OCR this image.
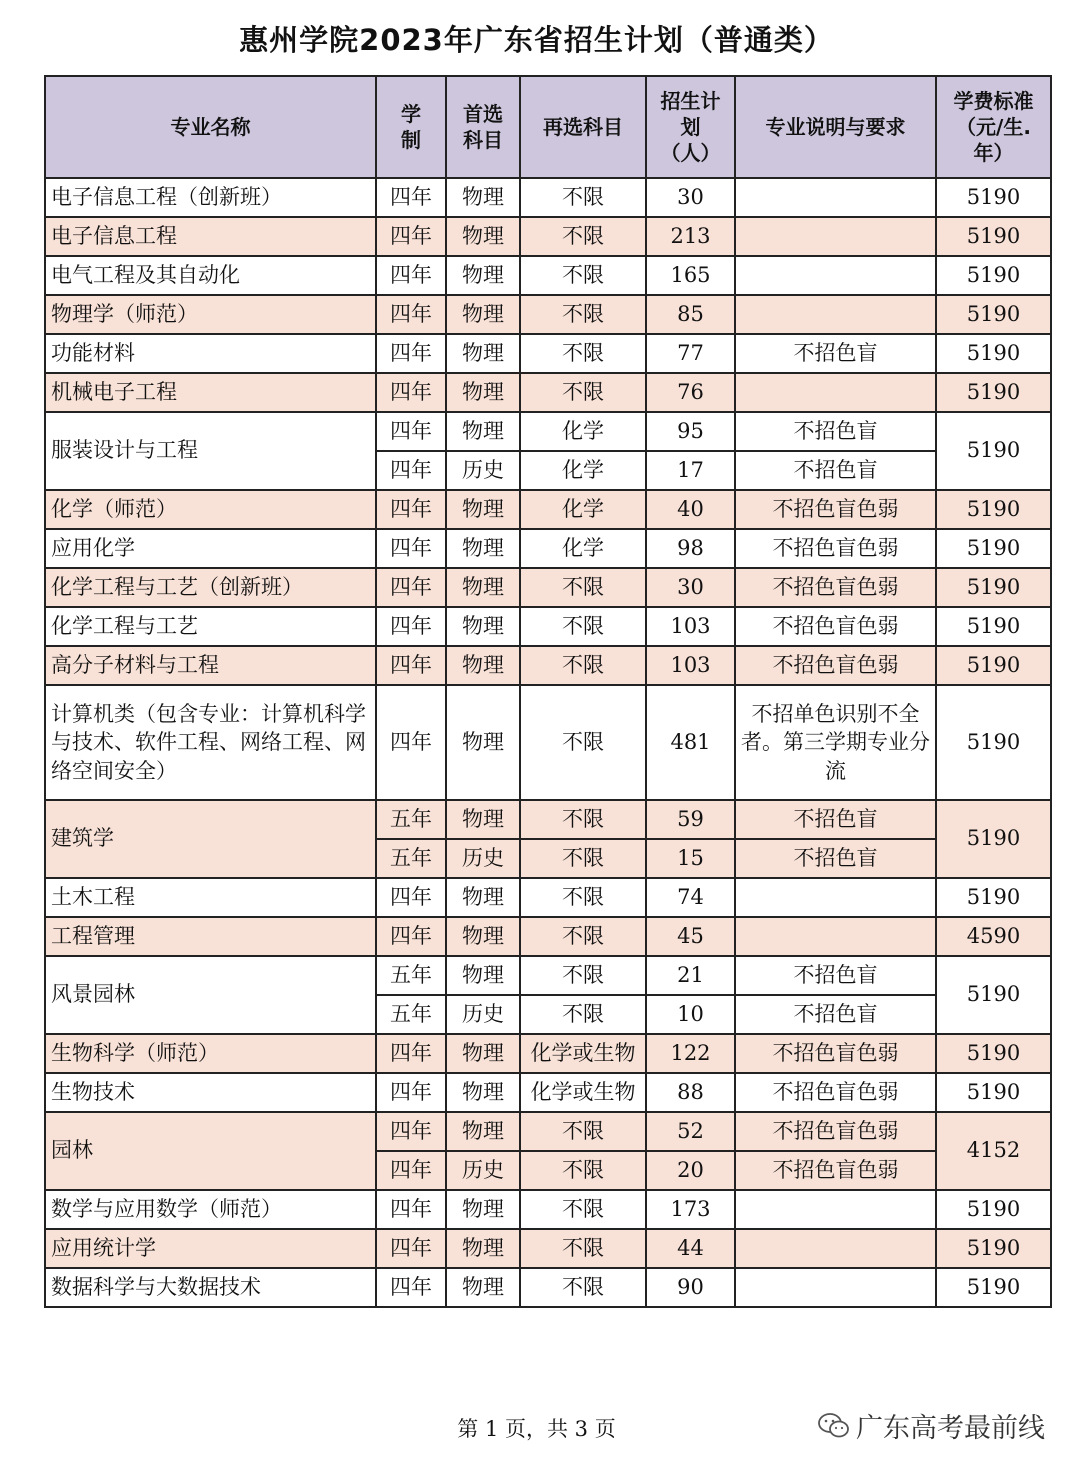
惠州学院2023年广东省招生计划（普通类）
专业名称	学制	首选科目	再选科目	招生计划（人）	专业说明与要求	学费标准（元/生.年）

电子信息工程（创新班）	四年	物理	不限	30		5190
电子信息工程	四年	物理	不限	213		5190
电气工程及其自动化	四年	物理	不限	165		5190
物理学（师范）	四年	物理	不限	85		5190
功能材料	四年	物理	不限	77	不招色盲	5190
机械电子工程	四年	物理	不限	76		5190
服装设计与工程	四年	物理	化学	95	不招色盲	5190
	四年	历史	化学	17	不招色盲	
化学（师范）	四年	物理	化学	40	不招色盲色弱	5190
应用化学	四年	物理	化学	98	不招色盲色弱	5190
化学工程与工艺（创新班）	四年	物理	不限	30	不招色盲色弱	5190
化学工程与工艺	四年	物理	不限	103	不招色盲色弱	5190
高分子材料与工程	四年	物理	不限	103	不招色盲色弱	5190
计算机类（包含专业：计算机科学与技术、软件工程、网络工程、网络空间安全）	四年	物理	不限	481	不招单色识别不全者。第三学期专业分流	5190
建筑学	五年	物理	不限	59	不招色盲	5190
	五年	历史	不限	15	不招色盲	
土木工程	四年	物理	不限	74		5190
工程管理	四年	物理	不限	45		4590
风景园林	五年	物理	不限	21	不招色盲	5190
	五年	历史	不限	10	不招色盲	
生物科学（师范）	四年	物理	化学或生物	122	不招色盲色弱	5190
生物技术	四年	物理	化学或生物	88	不招色盲色弱	5190
园林	四年	物理	不限	52	不招色盲色弱	4152
	四年	历史	不限	20	不招色盲色弱	
数学与应用数学（师范）	四年	物理	不限	173		5190
应用统计学	四年	物理	不限	44		5190
数据科学与大数据技术	四年	物理	不限	90		5190
第 1 页，共 3 页	广东高考最前线
